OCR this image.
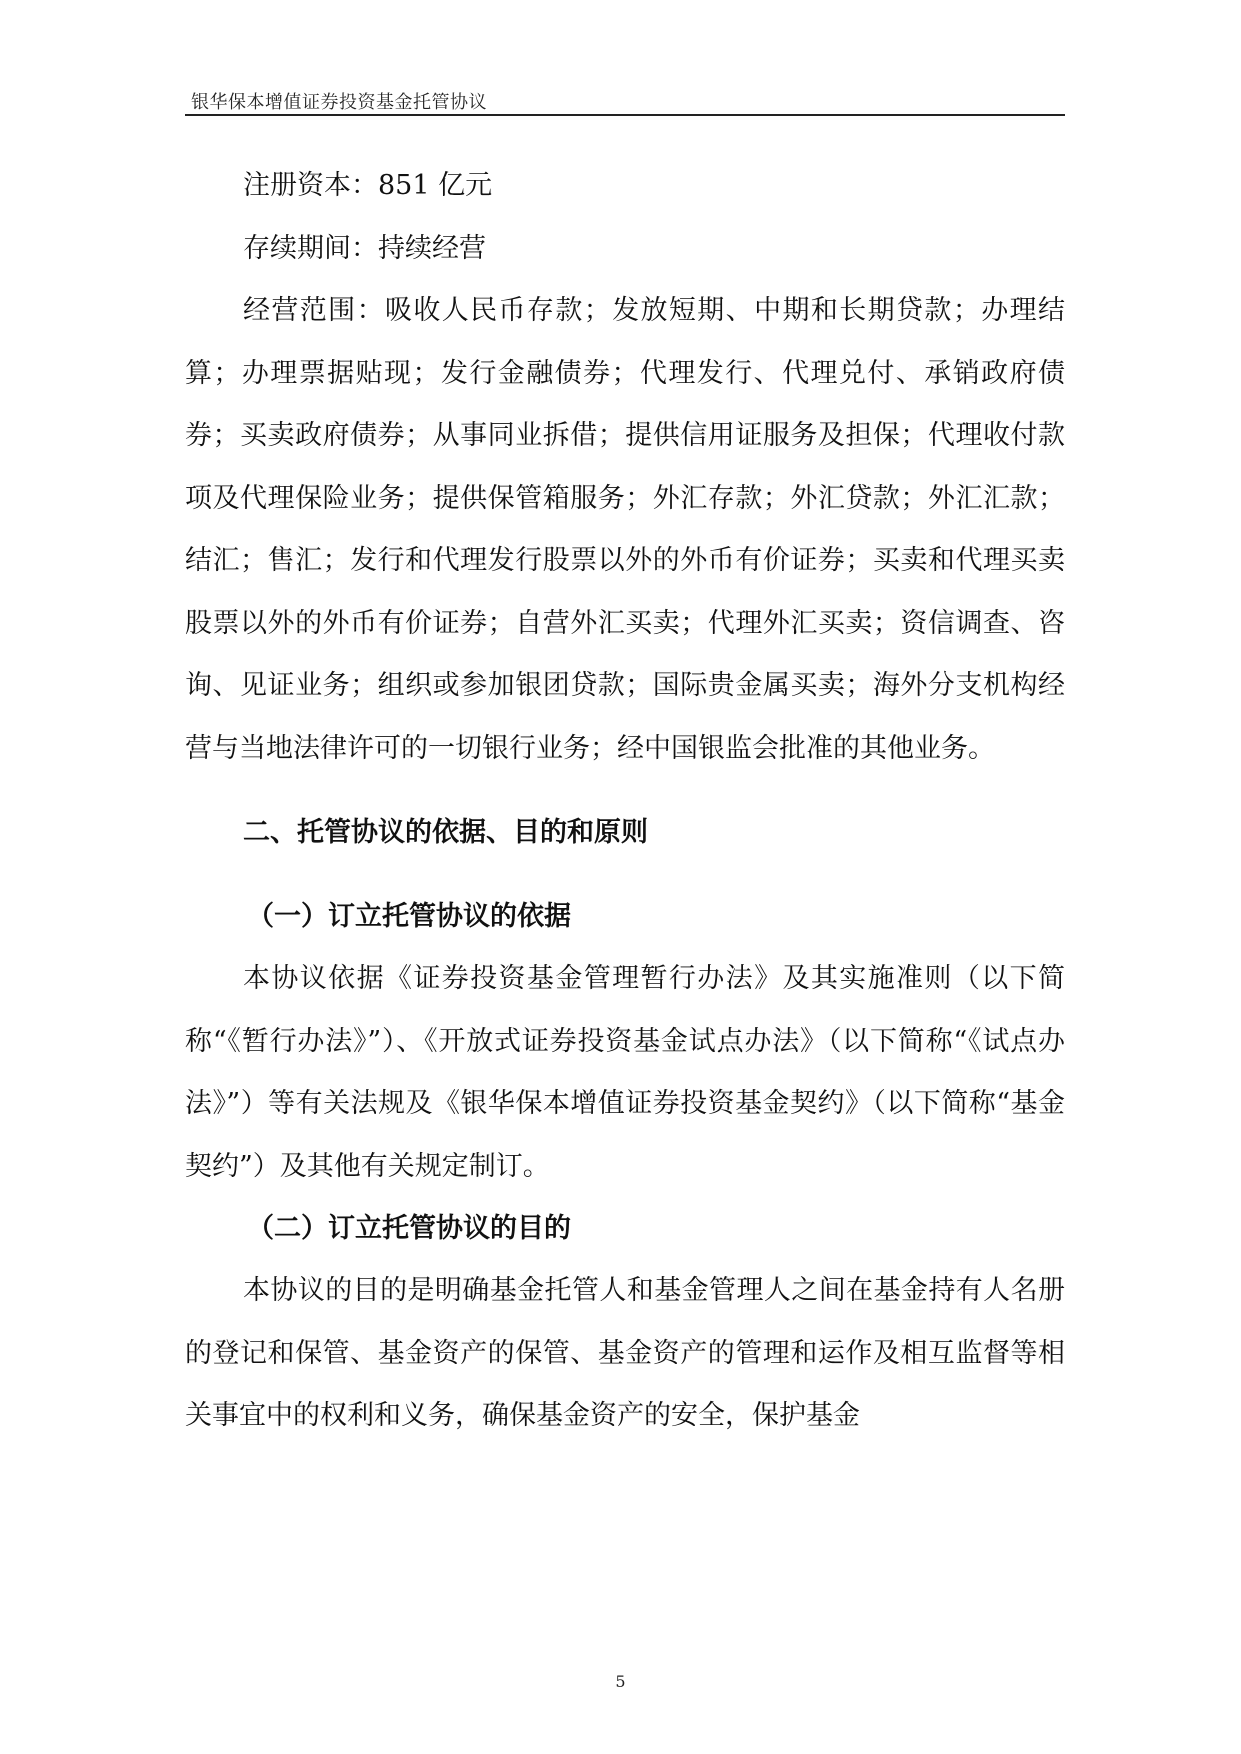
银华保本增值证券投资基金托管协议

注册资本：851 亿元

存续期间：持续经营

经营范围：吸收人民币存款；发放短期、中期和长期贷款；办理结算；办理票据贴现；发行金融债券；代理发行、代理兑付、承销政府债券；买卖政府债券；从事同业拆借；提供信用证服务及担保；代理收付款项及代理保险业务；提供保管箱服务；外汇存款；外汇贷款；外汇汇款；结汇；售汇；发行和代理发行股票以外的外币有价证券；买卖和代理买卖股票以外的外币有价证券；自营外汇买卖；代理外汇买卖；资信调查、咨询、见证业务；组织或参加银团贷款；国际贵金属买卖；海外分支机构经营与当地法律许可的一切银行业务；经中国银监会批准的其他业务。

二、托管协议的依据、目的和原则

（一）订立托管协议的依据

本协议依据《证券投资基金管理暂行办法》及其实施准则（以下简称“《暂行办法》”）、《开放式证券投资基金试点办法》（以下简称“《试点办法》”）等有关法规及《银华保本增值证券投资基金契约》（以下简称“基金契约”）及其他有关规定制订。

（二）订立托管协议的目的

本协议的目的是明确基金托管人和基金管理人之间在基金持有人名册的登记和保管、基金资产的保管、基金资产的管理和运作及相互监督等相关事宜中的权利和义务，确保基金资产的安全，保护基金

5
